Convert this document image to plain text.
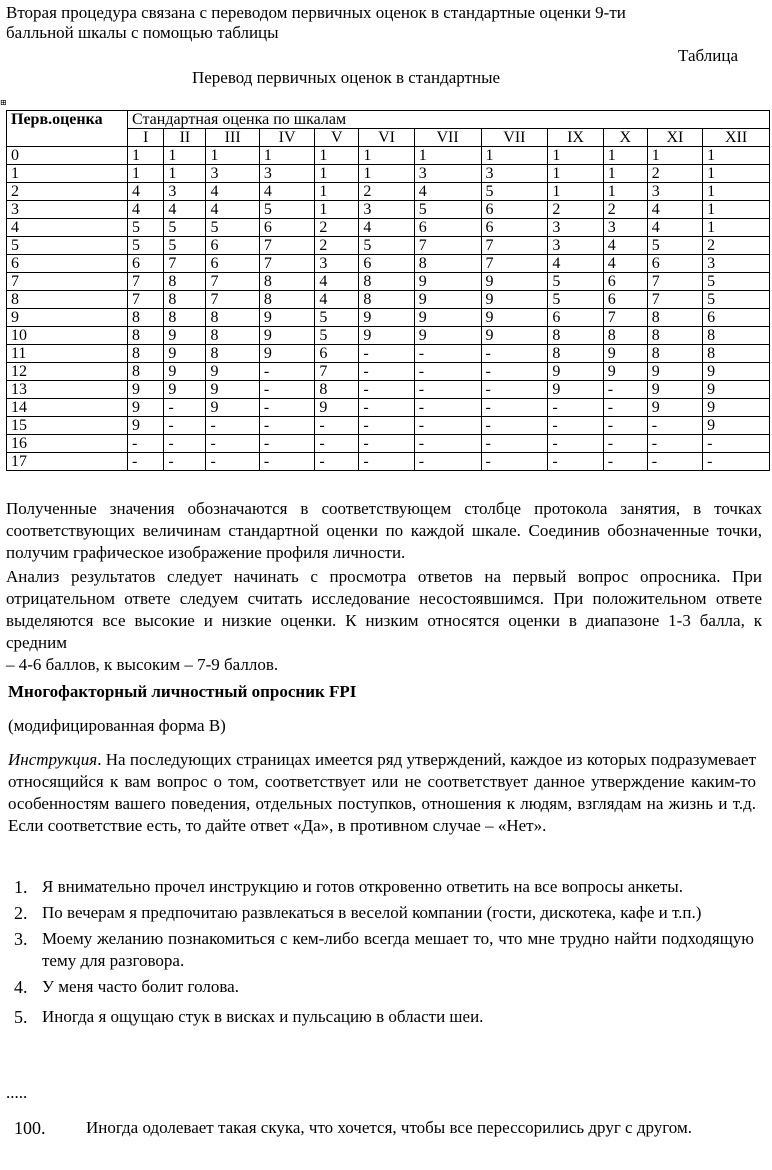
Вторая процедура связана с переводом первичных оценок в стандартные оценки 9-ти
балльной шкалы с помощью таблицы
Таблица
Перевод первичных оценок в стандартные
⊞
Перв.оценка	Стандартная оценка по шкалам											
	I	II	III	IV	V	VI	VII	VII	IX	X	XI	XII
0	1	1	1	1	1	1	1	1	1	1	1	1
1	1	1	3	3	1	1	3	3	1	1	2	1
2	4	3	4	4	1	2	4	5	1	1	3	1
3	4	4	4	5	1	3	5	6	2	2	4	1
4	5	5	5	6	2	4	6	6	3	3	4	1
5	5	5	6	7	2	5	7	7	3	4	5	2
6	6	7	6	7	3	6	8	7	4	4	6	3
7	7	8	7	8	4	8	9	9	5	6	7	5
8	7	8	7	8	4	8	9	9	5	6	7	5
9	8	8	8	9	5	9	9	9	6	7	8	6
10	8	9	8	9	5	9	9	9	8	8	8	8
11	8	9	8	9	6	-	-	-	8	9	8	8
12	8	9	9	-	7	-	-	-	9	9	9	9
13	9	9	9	-	8	-	-	-	9	-	9	9
14	9	-	9	-	9	-	-	-	-	-	9	9
15	9	-	-	-	-	-	-	-	-	-	-	9
16	-	-	-	-	-	-	-	-	-	-	-	-
17	-	-	-	-	-	-	-	-	-	-	-	-
Полученные значения обозначаются в соответствующем столбце протокола занятия, в точках соответствующих величинам стандартной оценки по каждой шкале. Соединив обозначенные точки, получим графическое изображение профиля личности.
Анализ результатов следует начинать с просмотра ответов на первый вопрос опросника. При отрицательном ответе следуем считать исследование несостоявшимся. При положительном ответе выделяются все высокие и низкие оценки. К низким относятся оценки в диапазоне 1-3 балла, к средним
– 4-6 баллов, к высоким – 7-9 баллов.
Многофакторный личностный опросник FPI
(модифицированная форма В)
Инструкция. На последующих страницах имеется ряд утверждений, каждое из которых подразумевает относящийся к вам вопрос о том, соответствует или не соответствует данное утверждение каким-то особенностям вашего поведения, отдельных поступков, отношения к людям, взглядам на жизнь и т.д. Если соответствие есть, то дайте ответ «Да», в противном случае – «Нет».
1. Я внимательно прочел инструкцию и готов откровенно ответить на все вопросы анкеты.
2. По вечерам я предпочитаю развлекаться в веселой компании (гости, дискотека, кафе и т.п.)
3. Моему желанию познакомиться с кем-либо всегда мешает то, что мне трудно найти подходящую тему для разговора.
4. У меня часто болит голова.
5. Иногда я ощущаю стук в висках и пульсацию в области шеи.
.....
100.	Иногда одолевает такая скука, что хочется, чтобы все перессорились друг с другом.
